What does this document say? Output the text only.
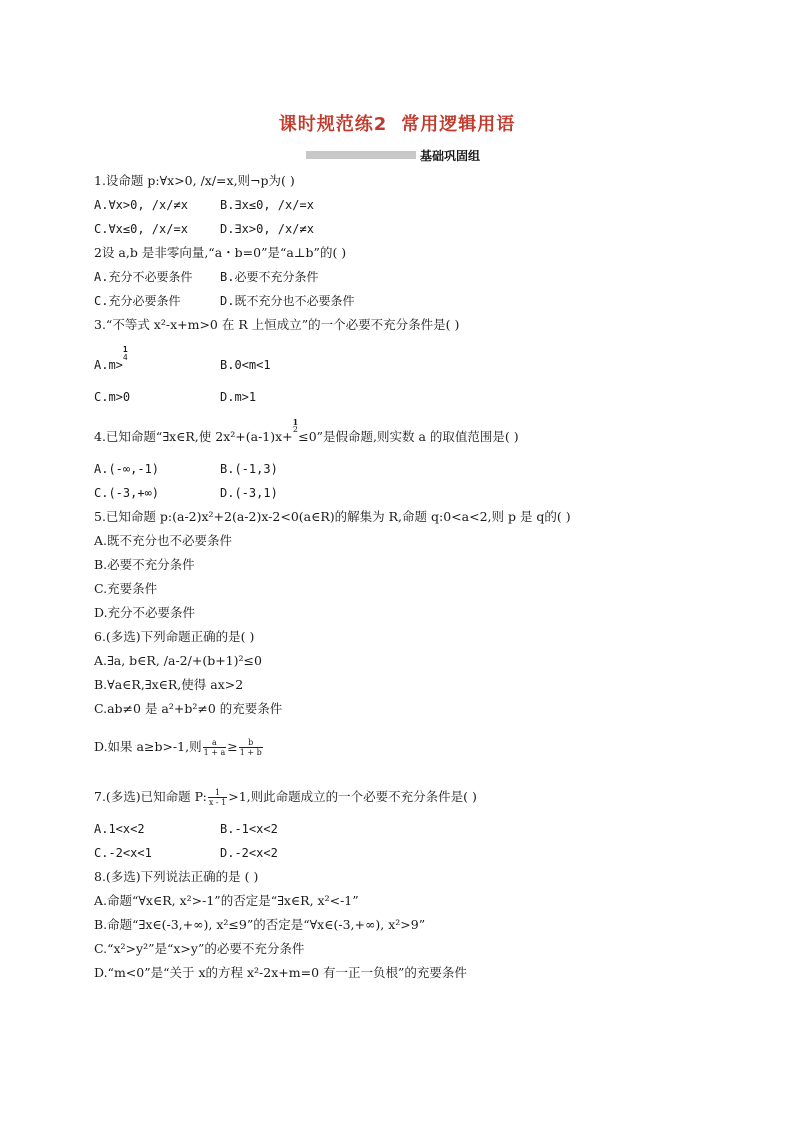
课时规范练2 常用逻辑用语
基础巩固组
1.设命题 p:∀x>0, /x/=x,则¬p为( )
A.∀x>0, /x/≠x	B.∃x≤0, /x/=x
C.∀x≤0, /x/=x	D.∃x>0, /x/≠x
2设 a,b 是非零向量,“a・b=0”是“a⊥b”的( )
A.充分不必要条件 B.必要不充分条件
C.充分必要条件	D.既不充分也不必要条件
3.“不等式 x²-x+m>0 在 R 上恒成立”的一个必要不充分条件是( )
A.m>
1
4
B.0<m<1
C.m>0	D.m>1
4.已知命题“∃x∈R,使 2x²+(a-1)x+
1
2 ≤0”是假命题,则实数 a 的取值范围是( )
A.(-∞,-1)	B.(-1,3)
C.(-3,+∞)	D.(-3,1)
5.已知命题 p:(a-2)x²+2(a-2)x-2<0(a∈R)的解集为 R,命题 q:0<a<2,则 p 是 q的( )
A.既不充分也不必要条件
B.必要不充分条件
C.充要条件
D.充分不必要条件
6.(多选)下列命题正确的是( )
A.∃a, b∈R, /a-2/+(b+1)²≤0
B.∀a∈R,∃x∈R,使得 ax>2
C.ab≠0 是 a²+b²≠0 的充要条件
D.如果 a≥b>-1,则 $\frac{a}{1 + a} \ge \frac{b}{1 + b}$
7.(多选)已知命题 P: $\frac{1}{x - 1} >1$,则此命题成立的一个必要不充分条件是( )
A.1<x<2	B.-1<x<2
C.-2<x<1	D.-2<x<2
8.(多选)下列说法正确的是 ( )
A.命题“∀x∈R, x²>-1”的否定是“∃x∈R, x²<-1”
B.命题“∃x∈(-3,+∞), x²≤9”的否定是“∀x∈(-3,+∞), x²>9”
C.“x²>y²”是“x>y”的必要不充分条件
D.“m<0”是“关于 x的方程 x²-2x+m=0 有一正一负根”的充要条件
